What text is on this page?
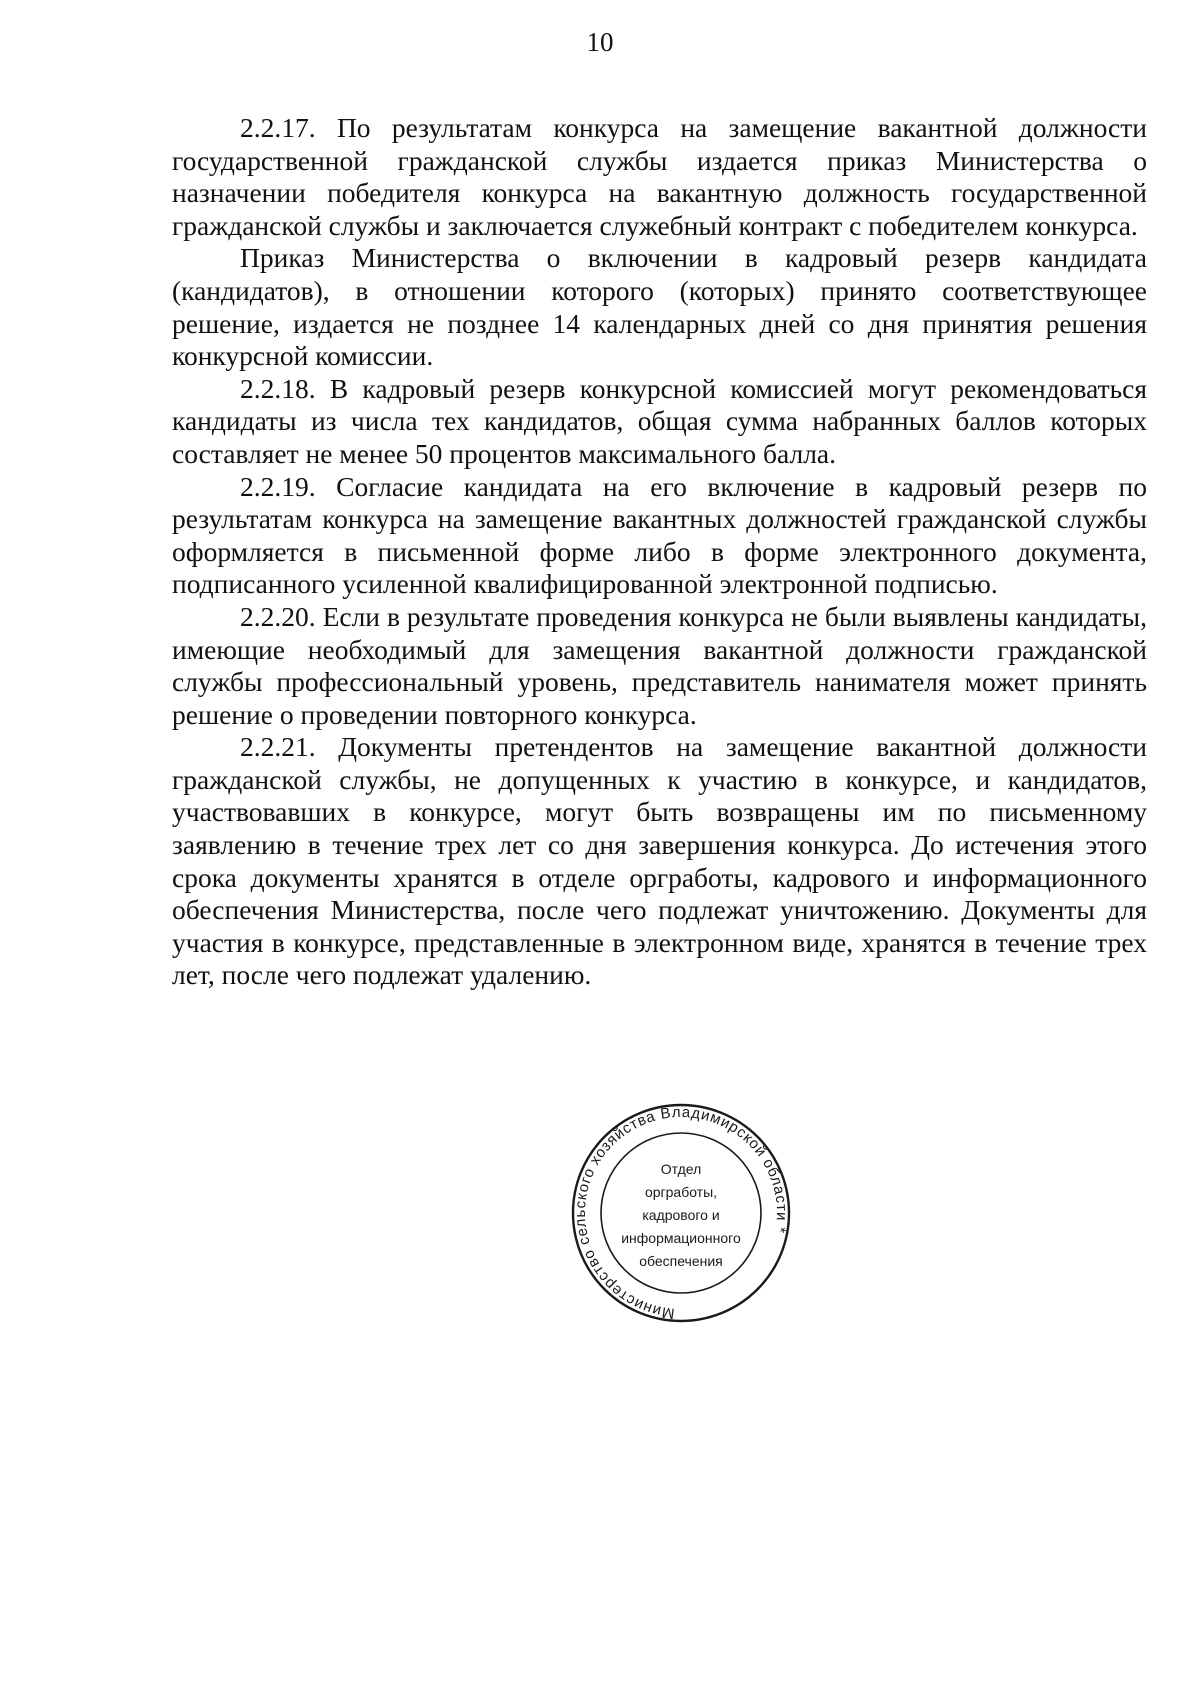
10

2.2.17. По результатам конкурса на замещение вакантной должности государственной гражданской службы издается приказ Министерства о назначении победителя конкурса на вакантную должность государственной гражданской службы и заключается служебный контракт с победителем конкурса.

Приказ Министерства о включении в кадровый резерв кандидата (кандидатов), в отношении которого (которых) принято соответствующее решение, издается не позднее 14 календарных дней со дня принятия решения конкурсной комиссии.

2.2.18. В кадровый резерв конкурсной комиссией могут рекомендоваться кандидаты из числа тех кандидатов, общая сумма набранных баллов которых составляет не менее 50 процентов максимального балла.

2.2.19. Согласие кандидата на его включение в кадровый резерв по результатам конкурса на замещение вакантных должностей гражданской службы оформляется в письменной форме либо в форме электронного документа, подписанного усиленной квалифицированной электронной подписью.

2.2.20. Если в результате проведения конкурса не были выявлены кандидаты, имеющие необходимый для замещения вакантной должности гражданской службы профессиональный уровень, представитель нанимателя может принять решение о проведении повторного конкурса.

2.2.21. Документы претендентов на замещение вакантной должности гражданской службы, не допущенных к участию в конкурсе, и кандидатов, участвовавших в конкурсе, могут быть возвращены им по письменному заявлению в течение трех лет со дня завершения конкурса. До истечения этого срока документы хранятся в отделе оргработы, кадрового и информационного обеспечения Министерства, после чего подлежат уничтожению. Документы для участия в конкурсе, представленные в электронном виде, хранятся в течение трех лет, после чего подлежат удалению.

Министерство сельского хозяйства Владимирской области *
Отдел
оргработы,
кадрового и
информационного
обеспечения
